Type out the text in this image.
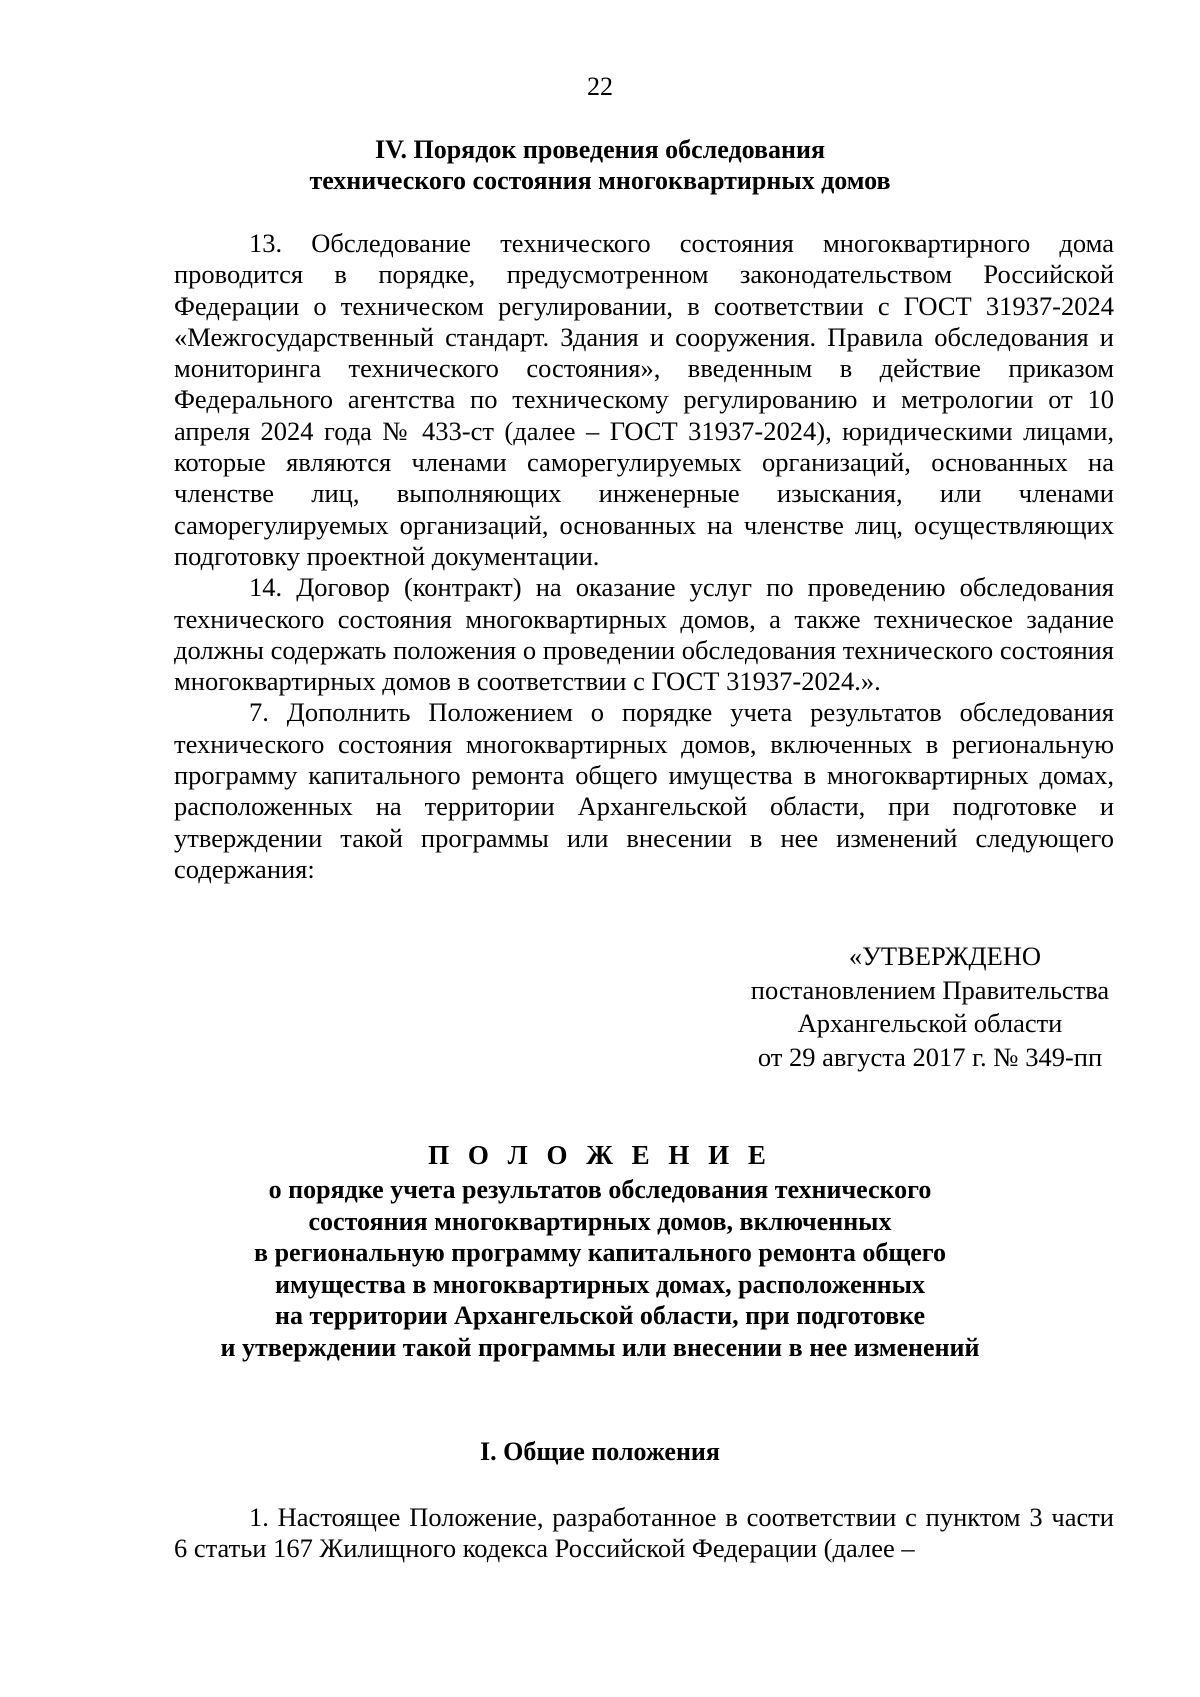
22
IV. Порядок проведения обследования
технического состояния многоквартирных домов

13. Обследование технического состояния многоквартирного дома проводится в порядке, предусмотренном законодательством Российской Федерации о техническом регулировании, в соответствии с ГОСТ 31937-2024 «Межгосударственный стандарт. Здания и сооружения. Правила обследования и мониторинга технического состояния», введенным в действие приказом Федерального агентства по техническому регулированию и метрологии от 10 апреля 2024 года № 433-ст (далее – ГОСТ 31937-2024), юридическими лицами, которые являются членами саморегулируемых организаций, основанных на членстве лиц, выполняющих инженерные изыскания, или членами саморегулируемых организаций, основанных на членстве лиц, осуществляющих подготовку проектной документации.

14. Договор (контракт) на оказание услуг по проведению обследования технического состояния многоквартирных домов, а также техническое задание должны содержать положения о проведении обследования технического состояния многоквартирных домов в соответствии с ГОСТ 31937-2024.».

7. Дополнить Положением о порядке учета результатов обследования технического состояния многоквартирных домов, включенных в региональную программу капитального ремонта общего имущества в многоквартирных домах, расположенных на территории Архангельской области, при подготовке и утверждении такой программы или внесении в нее изменений следующего содержания:

«УТВЕРЖДЕНО
постановлением Правительства
Архангельской области
от 29 августа 2017 г. № 349-пп
П О Л О Ж Е Н И Е
о порядке учета результатов обследования технического
состояния многоквартирных домов, включенных
в региональную программу капитального ремонта общего
имущества в многоквартирных домах, расположенных
на территории Архангельской области, при подготовке
и утверждении такой программы или внесении в нее изменений
I. Общие положения

1. Настоящее Положение, разработанное в соответствии с пунктом 3 части 6 статьи 167 Жилищного кодекса Российской Федерации (далее –
